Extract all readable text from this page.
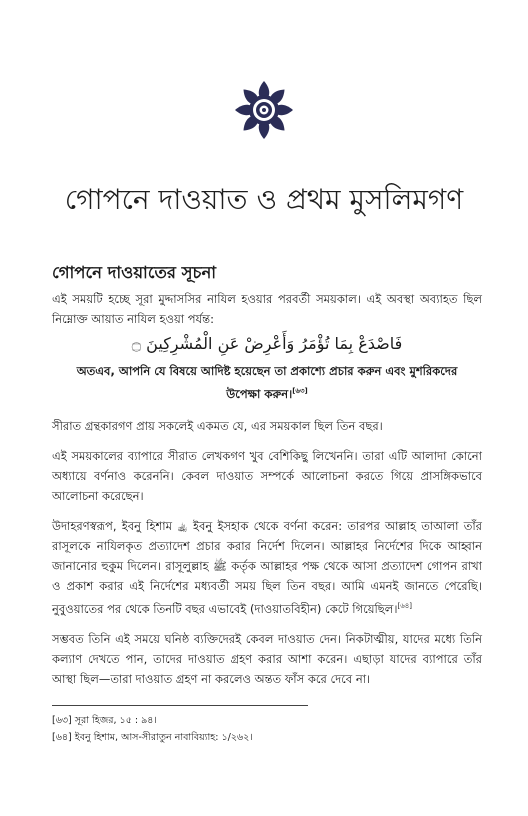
গোপনে দাওয়াত ও প্রথম মুসলিমগণ
গোপনে দাওয়াতের সূচনা

এই সময়টি হচ্ছে সূরা মুদ্দাসসির নাযিল হওয়ার পরবর্তী সময়কাল। এই অবস্থা অব্যাহত ছিল নিম্নোক্ত আয়াত নাযিল হওয়া পর্যন্ত:

فَاصْدَعْ بِمَا تُؤْمَرُ وَأَعْرِضْ عَنِ الْمُشْرِكِينَ ۝
অতএব, আপনি যে বিষয়ে আদিষ্ট হয়েছেন তা প্রকাশ্যে প্রচার করুন এবং মুশরিকদের উপেক্ষা করুন।[৬৩]

সীরাত গ্রন্থকারগণ প্রায় সকলেই একমত যে, এর সময়কাল ছিল তিন বছর।

এই সময়কালের ব্যাপারে সীরাত লেখকগণ খুব বেশিকিছু লিখেননি। তারা এটি আলাদা কোনো অধ্যায়ে বর্ণনাও করেননি। কেবল দাওয়াত সম্পর্কে আলোচনা করতে গিয়ে প্রাসঙ্গিকভাবে আলোচনা করেছেন।

উদাহরণস্বরূপ, ইবনু হিশাম ﵀ ইবনু ইসহাক থেকে বর্ণনা করেন: তারপর আল্লাহ তাআলা তাঁর রাসূলকে নাযিলকৃত প্রত্যাদেশ প্রচার করার নির্দেশ দিলেন। আল্লাহর নির্দেশের দিকে আহ্বান জানানোর হুকুম দিলেন। রাসূলুল্লাহ ﷺ কর্তৃক আল্লাহর পক্ষ থেকে আসা প্রত্যাদেশ গোপন রাখা ও প্রকাশ করার এই নির্দেশের মধ্যবর্তী সময় ছিল তিন বছর। আমি এমনই জানতে পেরেছি। নুবুওয়াতের পর থেকে তিনটি বছর এভাবেই (দাওয়াতবিহীন) কেটে গিয়েছিল।[৬৪]

সম্ভবত তিনি এই সময়ে ঘনিষ্ঠ ব্যক্তিদেরই কেবল দাওয়াত দেন। নিকটাত্মীয়, যাদের মধ্যে তিনি কল্যাণ দেখতে পান, তাদের দাওয়াত গ্রহণ করার আশা করেন। এছাড়া যাদের ব্যাপারে তাঁর আস্থা ছিল—তারা দাওয়াত গ্রহণ না করলেও অন্তত ফাঁস করে দেবে না।

[৬৩] সূরা হিজর, ১৫ : ৯৪।

[৬৪] ইবনু হিশাম, আস-সীরাতুন নাবাবিয়্যাহ: ১/২৬২।
